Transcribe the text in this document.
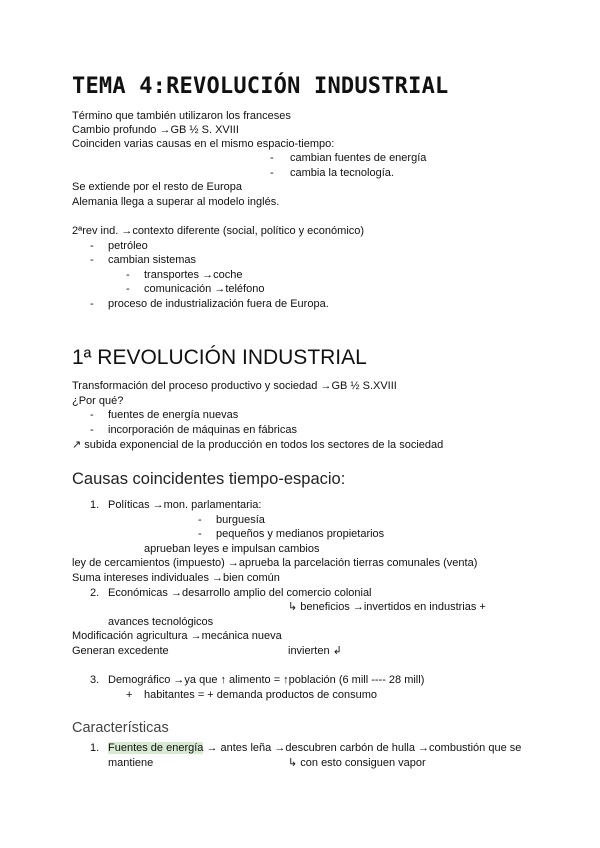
TEMA 4:REVOLUCIÓN INDUSTRIAL
Término que también utilizaron los franceses
Cambio profundo →GB ½ S. XVIII
Coinciden varias causas en el mismo espacio-tiempo:
- cambian fuentes de energía
- cambia la tecnología.
Se extiende por el resto de Europa
Alemania llega a superar al modelo inglés.
2ªrev ind. →contexto diferente (social, político y económico)
- petróleo
- cambian sistemas
- transportes →coche
- comunicación →teléfono
- proceso de industrialización fuera de Europa.
1ª REVOLUCIÓN INDUSTRIAL
Transformación del proceso productivo y sociedad →GB ½ S.XVIII
¿Por qué?
- fuentes de energía nuevas
- incorporación de máquinas en fábricas
↗ subida exponencial de la producción en todos los sectores de la sociedad
Causas coincidentes tiempo-espacio:
1. Políticas →mon. parlamentaria:
- burguesía
- pequeños y medianos propietarios
aprueban leyes e impulsan cambios
ley de cercamientos (impuesto) →aprueba la parcelación tierras comunales (venta)
Suma intereses individuales →bien común
2. Económicas →desarrollo amplio del comercio colonial
↳ beneficios →invertidos en industrias +
avances tecnológicos
Modificación agricultura →mecánica nueva
Generan excedente	invierten ↲
3. Demográfico →ya que ↑ alimento = ↑población (6 mill ---- 28 mill)
+ habitantes = + demanda productos de consumo
Características
1. Fuentes de energía → antes leña →descubren carbón de hulla →combustión que se
mantiene	↳ con esto consiguen vapor
